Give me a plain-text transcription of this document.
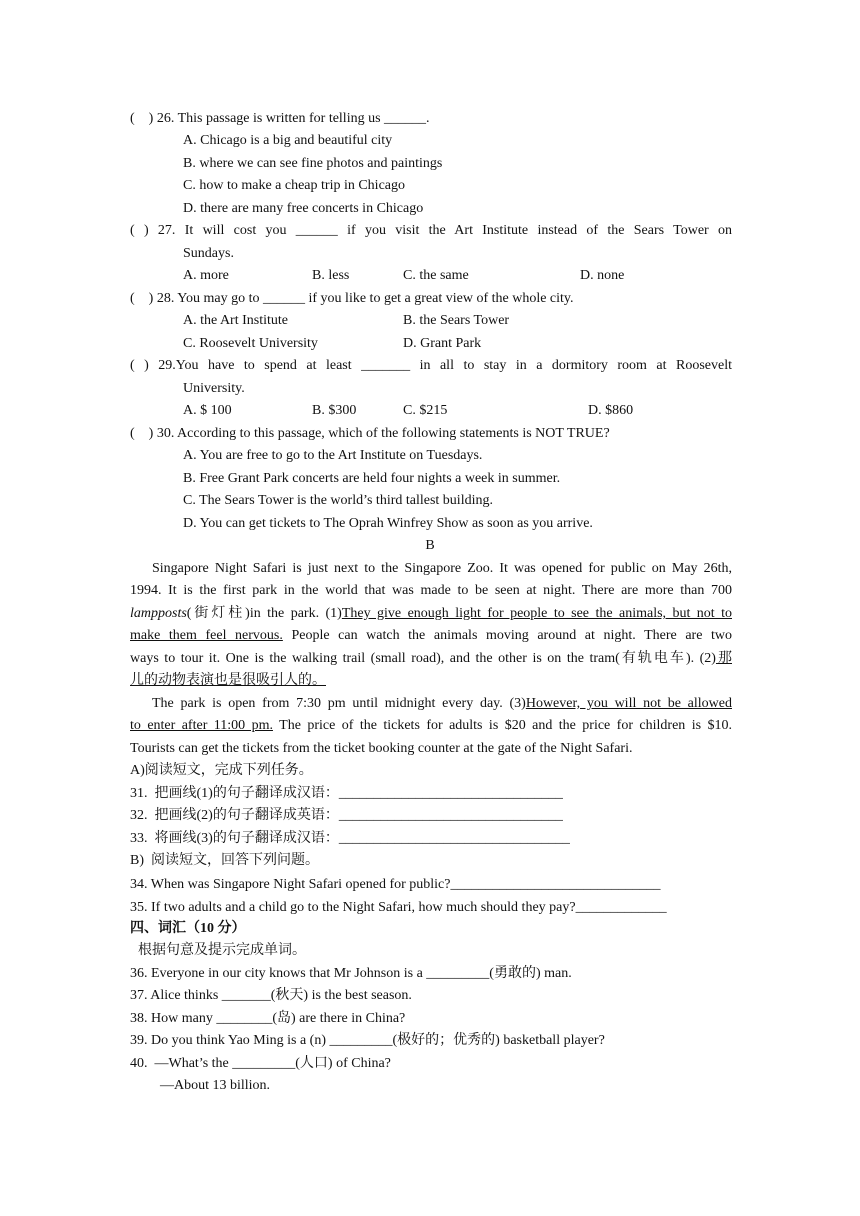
(    ) 26. This passage is written for telling us ______.
A. Chicago is a big and beautiful city
B. where we can see fine photos and paintings
C. how to make a cheap trip in Chicago
D. there are many free concerts in Chicago
( ) 27. It will cost you ______ if you visit the Art Institute instead of the Sears Tower on
Sundays.
A. more	B. less	C. the same	D. none
(    ) 28. You may go to ______ if you like to get a great view of the whole city.
A. the Art Institute	B. the Sears Tower
C. Roosevelt University	D. Grant Park
( ) 29.You have to spend at least _______ in all to stay in a dormitory room at Roosevelt
University.
A. $ 100	B. $300	C. $215	D. $860
(    ) 30. According to this passage, which of the following statements is NOT TRUE?
A. You are free to go to the Art Institute on Tuesdays.
B. Free Grant Park concerts are held four nights a week in summer.
C. The Sears Tower is the world’s third tallest building.
D. You can get tickets to The Oprah Winfrey Show as soon as you arrive.
B
Singapore Night Safari is just next to the Singapore Zoo. It was opened for public on May 26th,
1994. It is the first park in the world that was made to be seen at night. There are more than 700
lampposts(街灯柱)in the park. (1)They give enough light for people to see the animals, but not to
make them feel nervous. People can watch the animals moving around at night. There are two
ways to tour it. One is the walking trail (small road), and the other is on the tram(有轨电车). (2)那
儿的动物表演也是很吸引人的。
The park is open from 7:30 pm until midnight every day. (3)However, you will not be allowed
to enter after 11:00 pm. The price of the tickets for adults is $20 and the price for children is $10.
Tourists can get the tickets from the ticket booking counter at the gate of the Night Safari.
A)阅读短文，完成下列任务。
31.  把画线(1)的句子翻译成汉语：________________________________
32.  把画线(2)的句子翻译成英语：________________________________
33.  将画线(3)的句子翻译成汉语：_________________________________
B)  阅读短文，回答下列问题。
34. When was Singapore Night Safari opened for public?______________________________
35. If two adults and a child go to the Night Safari, how much should they pay?_____________
四、词汇（10 分）
根据句意及提示完成单词。
36. Everyone in our city knows that Mr Johnson is a _________(勇敢的) man.
37. Alice thinks _______(秋天) is the best season.
38. How many ________(岛) are there in China?
39. Do you think Yao Ming is a (n) _________(极好的；优秀的) basketball player?
40.  —What’s the _________(人口) of China?
—About 13 billion.
